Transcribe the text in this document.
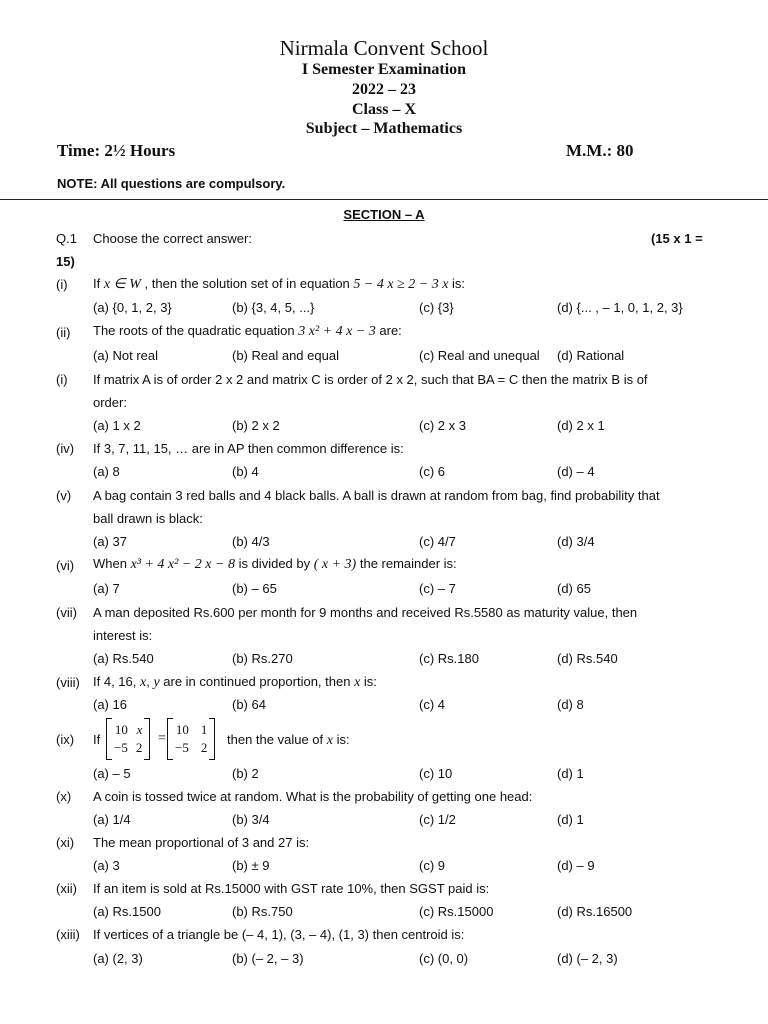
Nirmala Convent School
I Semester Examination
2022 – 23
Class – X
Subject – Mathematics
Time: 2½ Hours	M.M.: 80
NOTE: All questions are compulsory.
SECTION – A
Q.1 Choose the correct answer:	(15 x 1 =
15)
(i) If x ∈ W , then the solution set of in equation 5 − 4 x ≥ 2 − 3 x is:
(a) {0, 1, 2, 3}	(b) {3, 4, 5, ...}	(c) {3}	(d) {... , – 1, 0, 1, 2, 3}
(ii) The roots of the quadratic equation 3 x² + 4 x − 3 are:
(a) Not real	(b) Real and equal	(c) Real and unequal (d) Rational
(i) If matrix A is of order 2 x 2 and matrix C is order of 2 x 2, such that BA = C then the matrix B is of
order:
(a) 1 x 2	(b) 2 x 2	(c) 2 x 3	(d) 2 x 1
(iv) If 3, 7, 11, 15, … are in AP then common difference is:
(a) 8	(b) 4	(c) 6	(d) – 4
(v) A bag contain 3 red balls and 4 black balls. A ball is drawn at random from bag, find probability that
ball drawn is black:
(a) 37	(b) 4/3	(c) 4/7	(d) 3/4
(vi) When x³ + 4 x² − 2 x − 8 is divided by ( x + 3) the remainder is:
(a) 7	(b) – 65	(c) – 7	(d) 65
(vii) A man deposited Rs.600 per month for 9 months and received Rs.5580 as maturity value, then
interest is:
(a) Rs.540	(b) Rs.270	(c) Rs.180	(d) Rs.540
(viii) If 4, 16, x, y are in continued proportion, then x is:
(a) 16	(b) 64	(c) 4	(d) 8
(ix) If
10 x
−5 2
=
10 1
−5 2
then the value of x is:
(a) – 5	(b) 2	(c) 10	(d) 1
(x) A coin is tossed twice at random. What is the probability of getting one head:
(a) 1/4	(b) 3/4	(c) 1/2	(d) 1
(xi) The mean proportional of 3 and 27 is:
(a) 3	(b) ± 9	(c) 9	(d) – 9
(xii) If an item is sold at Rs.15000 with GST rate 10%, then SGST paid is:
(a) Rs.1500	(b) Rs.750	(c) Rs.15000	(d) Rs.16500
(xiii) If vertices of a triangle be (– 4, 1), (3, – 4), (1, 3) then centroid is:
(a) (2, 3)	(b) (– 2, – 3)	(c) (0, 0)	(d) (– 2, 3)
